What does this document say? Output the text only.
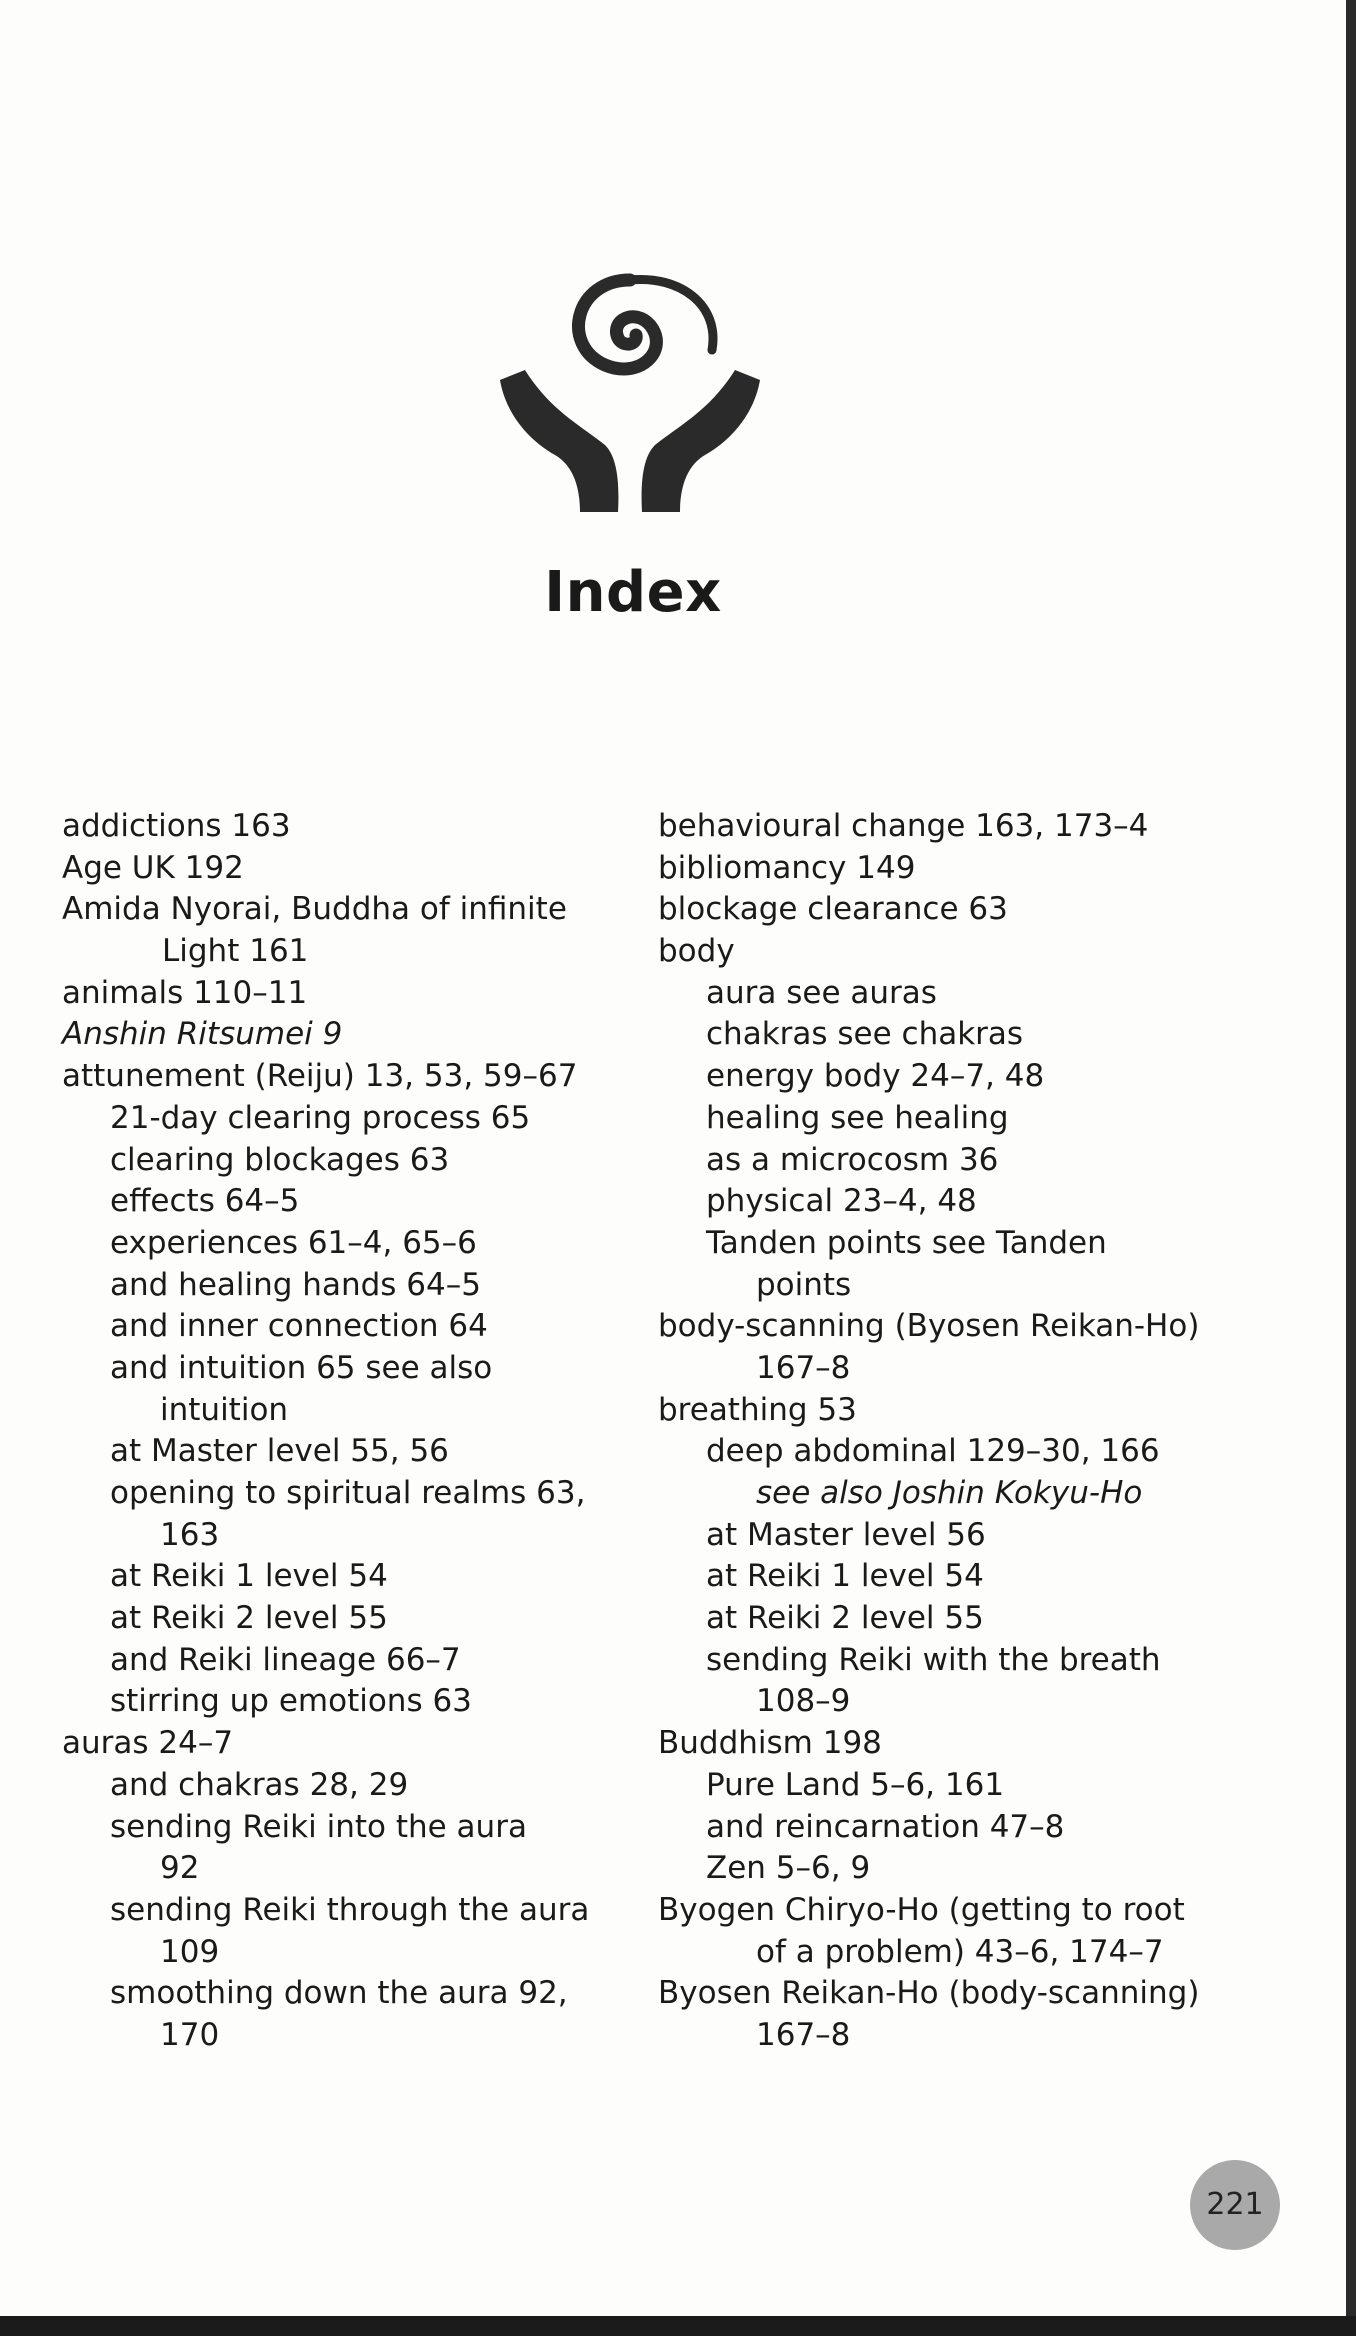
Index
addictions 163
Age UK 192
Amida Nyorai, Buddha of infinite
Light 161
animals 110–11
Anshin Ritsumei 9
attunement (Reiju) 13, 53, 59–67
21-day clearing process 65
clearing blockages 63
effects 64–5
experiences 61–4, 65–6
and healing hands 64–5
and inner connection 64
and intuition 65 see also
intuition
at Master level 55, 56
opening to spiritual realms 63,
163
at Reiki 1 level 54
at Reiki 2 level 55
and Reiki lineage 66–7
stirring up emotions 63
auras 24–7
and chakras 28, 29
sending Reiki into the aura
92
sending Reiki through the aura
109
smoothing down the aura 92,
170
behavioural change 163, 173–4
bibliomancy 149
blockage clearance 63
body
aura see auras
chakras see chakras
energy body 24–7, 48
healing see healing
as a microcosm 36
physical 23–4, 48
Tanden points see Tanden
points
body-scanning (Byosen Reikan-Ho)
167–8
breathing 53
deep abdominal 129–30, 166
see also Joshin Kokyu-Ho
at Master level 56
at Reiki 1 level 54
at Reiki 2 level 55
sending Reiki with the breath
108–9
Buddhism 198
Pure Land 5–6, 161
and reincarnation 47–8
Zen 5–6, 9
Byogen Chiryo-Ho (getting to root
of a problem) 43–6, 174–7
Byosen Reikan-Ho (body-scanning)
167–8
221
